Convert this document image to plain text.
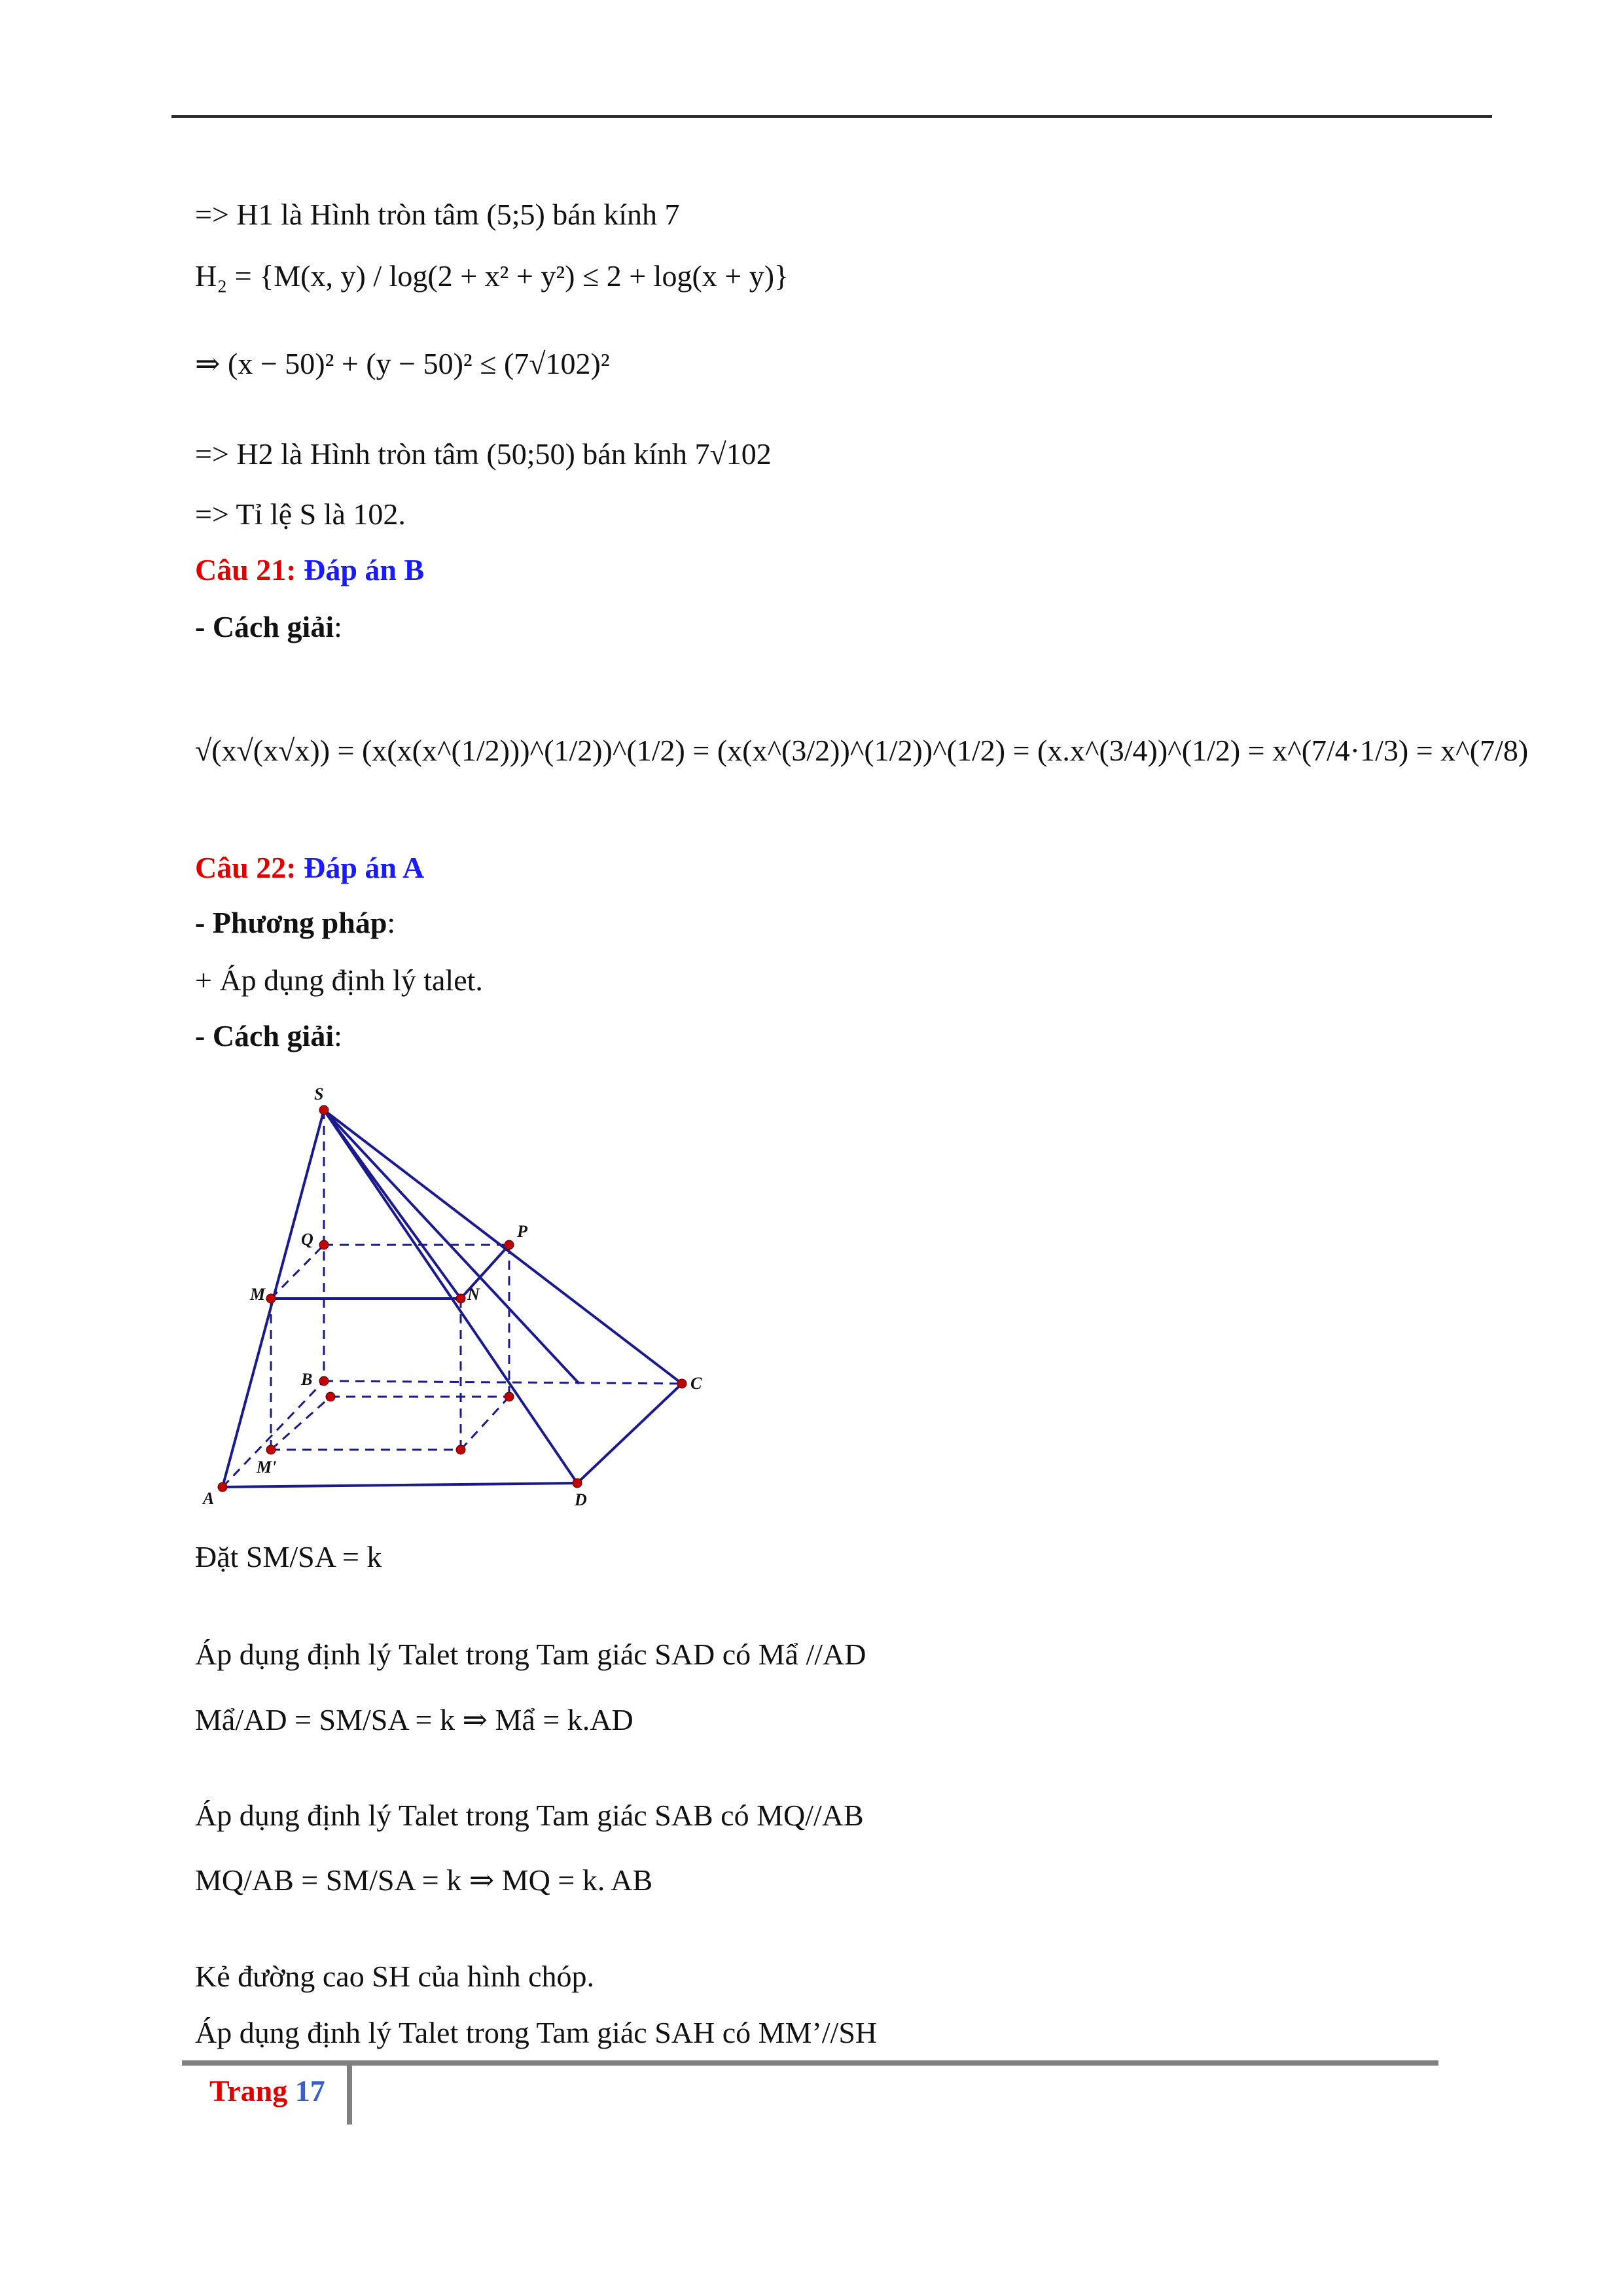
=> H1 là Hình tròn tâm (5;5) bán kính 7
H₂ = {M(x, y) / log(2 + x² + y²) ≤ 2 + log(x + y)}
⇒ (x − 50)² + (y − 50)² ≤ (7√102)²
=> H2 là Hình tròn tâm (50;50) bán kính 7√102
=> Tỉ lệ S là 102.
Câu 21: Đáp án B
- Cách giải:
√(x√(x√x)) = (x(x(x^(1/2)))^(1/2))^(1/2) = (x(x^(3/2))^(1/2))^(1/2) = (x.x^(3/4))^(1/2) = x^(7/4·1/3) = x^(7/8)
Câu 22: Đáp án A
- Phương pháp:
+ Áp dụng định lý talet.
- Cách giải:
S
Q	P
M	N
B	C
M'
A	D
Đặt SM/SA = k
Áp dụng định lý Talet trong Tam giác SAD có Mẩ //AD
Mẩ/AD = SM/SA = k ⇒ Mẩ = k.AD
Áp dụng định lý Talet trong Tam giác SAB có MQ//AB
MQ/AB = SM/SA = k ⇒ MQ = k. AB
Kẻ đường cao SH của hình chóp.
Áp dụng định lý Talet trong Tam giác SAH có MM’//SH
Trang 17
